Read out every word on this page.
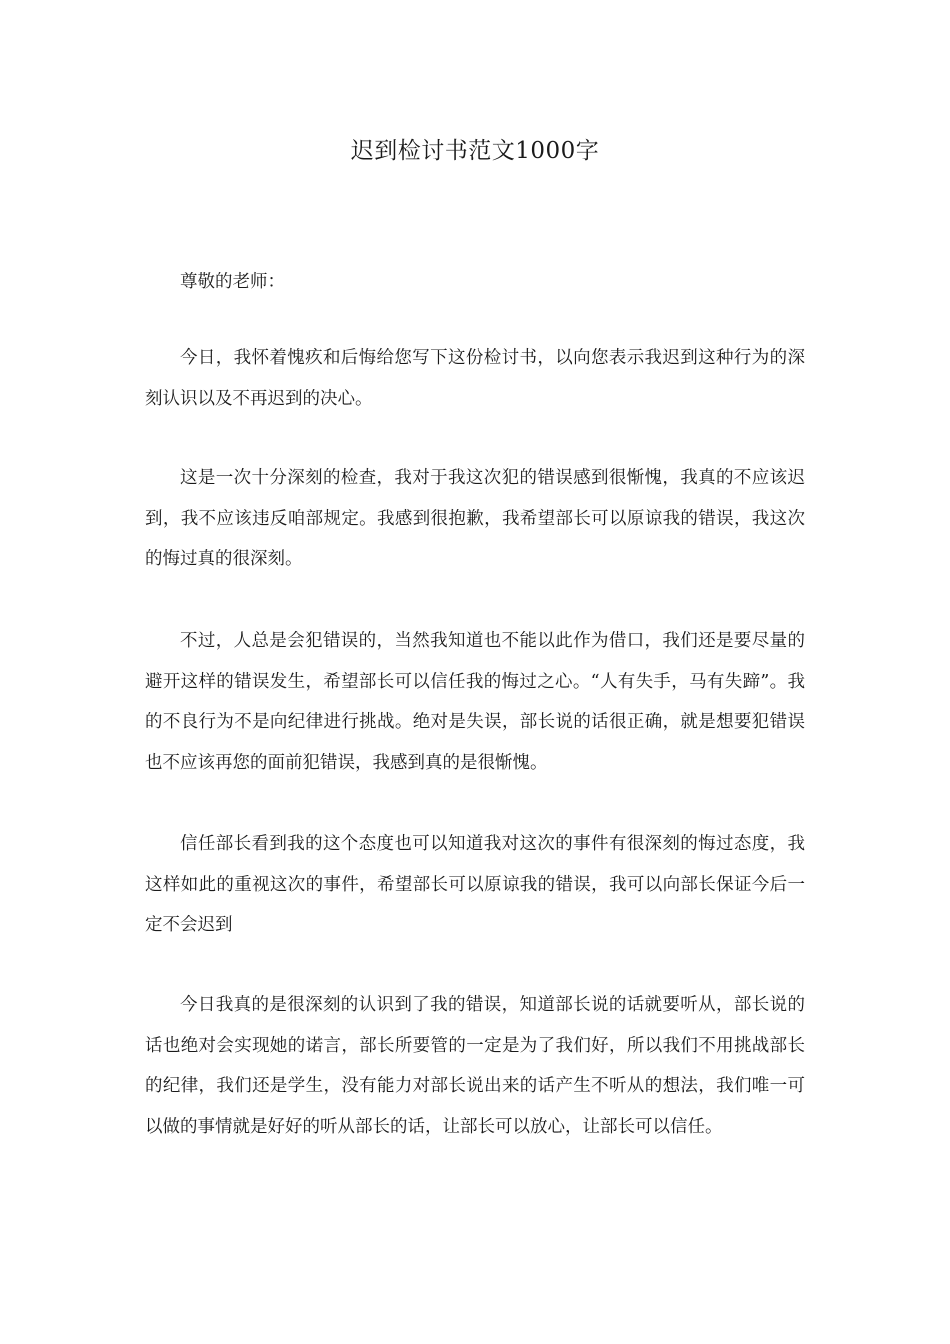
迟到检讨书范文1000字

尊敬的老师：

今日，我怀着愧疚和后悔给您写下这份检讨书，以向您表示我迟到这种行为的深刻认识以及不再迟到的决心。

这是一次十分深刻的检查，我对于我这次犯的错误感到很惭愧，我真的不应该迟到，我不应该违反咱部规定。我感到很抱歉，我希望部长可以原谅我的错误，我这次的悔过真的很深刻。

不过，人总是会犯错误的，当然我知道也不能以此作为借口，我们还是要尽量的避开这样的错误发生，希望部长可以信任我的悔过之心。“人有失手，马有失蹄”。我的不良行为不是向纪律进行挑战。绝对是失误，部长说的话很正确，就是想要犯错误也不应该再您的面前犯错误，我感到真的是很惭愧。

信任部长看到我的这个态度也可以知道我对这次的事件有很深刻的悔过态度，我这样如此的重视这次的事件，希望部长可以原谅我的错误，我可以向部长保证今后一定不会迟到

今日我真的是很深刻的认识到了我的错误，知道部长说的话就要听从，部长说的话也绝对会实现她的诺言，部长所要管的一定是为了我们好，所以我们不用挑战部长的纪律，我们还是学生，没有能力对部长说出来的话产生不听从的想法，我们唯一可以做的事情就是好好的听从部长的话，让部长可以放心，让部长可以信任。
